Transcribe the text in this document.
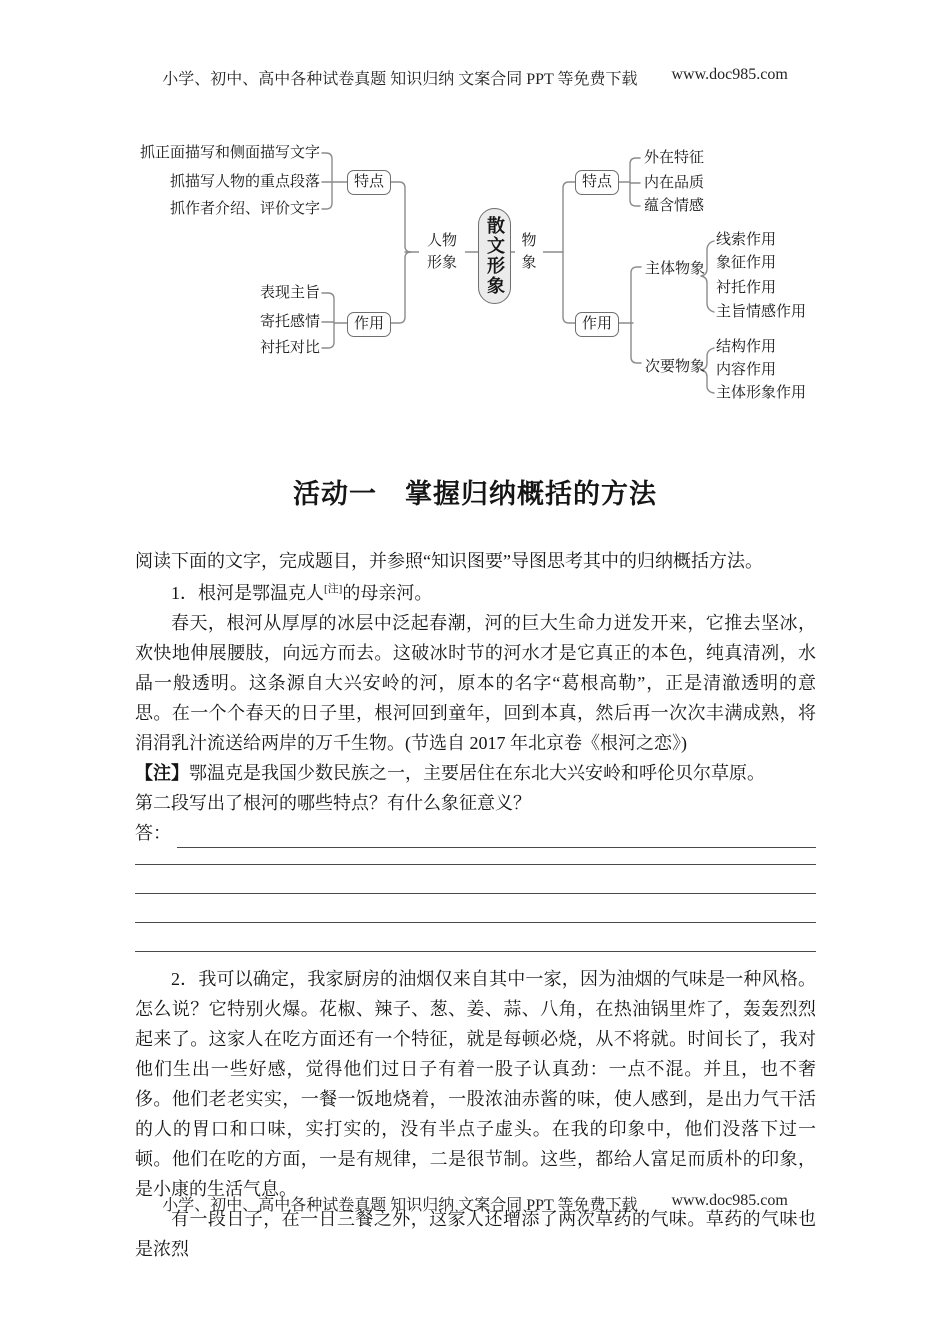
小学、初中、高中各种试卷真题 知识归纳 文案合同 PPT 等免费下载 www.doc985.com
抓正面描写和侧面描写文字
抓描写人物的重点段落
抓作者介绍、评价文字
表现主旨
寄托感情
衬托对比
特点
作用
人物
形象	散文形象	物
象
特点
作用
外在特征
内在品质
蕴含情感
主体物象
线索作用
象征作用
衬托作用
主旨情感作用
次要物象
结构作用
内容作用
主体形象作用
活动一　掌握归纳概括的方法
阅读下面的文字，完成题目，并参照“知识图要”导图思考其中的归纳概括方法。

1．根河是鄂温克人[注]的母亲河。

春天，根河从厚厚的冰层中泛起春潮，河的巨大生命力迸发开来，它推去坚冰，欢快地伸展腰肢，向远方而去。这破冰时节的河水才是它真正的本色，纯真清冽，水晶一般透明。这条源自大兴安岭的河，原本的名字“葛根高勒”，正是清澈透明的意思。在一个个春天的日子里，根河回到童年，回到本真，然后再一次次丰满成熟，将涓涓乳汁流送给两岸的万千生物。(节选自 2017 年北京卷《根河之恋》)

【注】鄂温克是我国少数民族之一，主要居住在东北大兴安岭和呼伦贝尔草原。

第二段写出了根河的哪些特点？有什么象征意义？

答：

2．我可以确定，我家厨房的油烟仅来自其中一家，因为油烟的气味是一种风格。怎么说？它特别火爆。花椒、辣子、葱、姜、蒜、八角，在热油锅里炸了，轰轰烈烈起来了。这家人在吃方面还有一个特征，就是每顿必烧，从不将就。时间长了，我对他们生出一些好感，觉得他们过日子有着一股子认真劲：一点不混。并且，也不奢侈。他们老老实实，一餐一饭地烧着，一股浓油赤酱的味，使人感到，是出力气干活的人的胃口和口味，实打实的，没有半点子虚头。在我的印象中，他们没落下过一顿。他们在吃的方面，一是有规律，二是很节制。这些，都给人富足而质朴的印象，是小康的生活气息。

有一段日子，在一日三餐之外，这家人还增添了两次草药的气味。草药的气味也是浓烈

小学、初中、高中各种试卷真题 知识归纳 文案合同 PPT 等免费下载 www.doc985.com
